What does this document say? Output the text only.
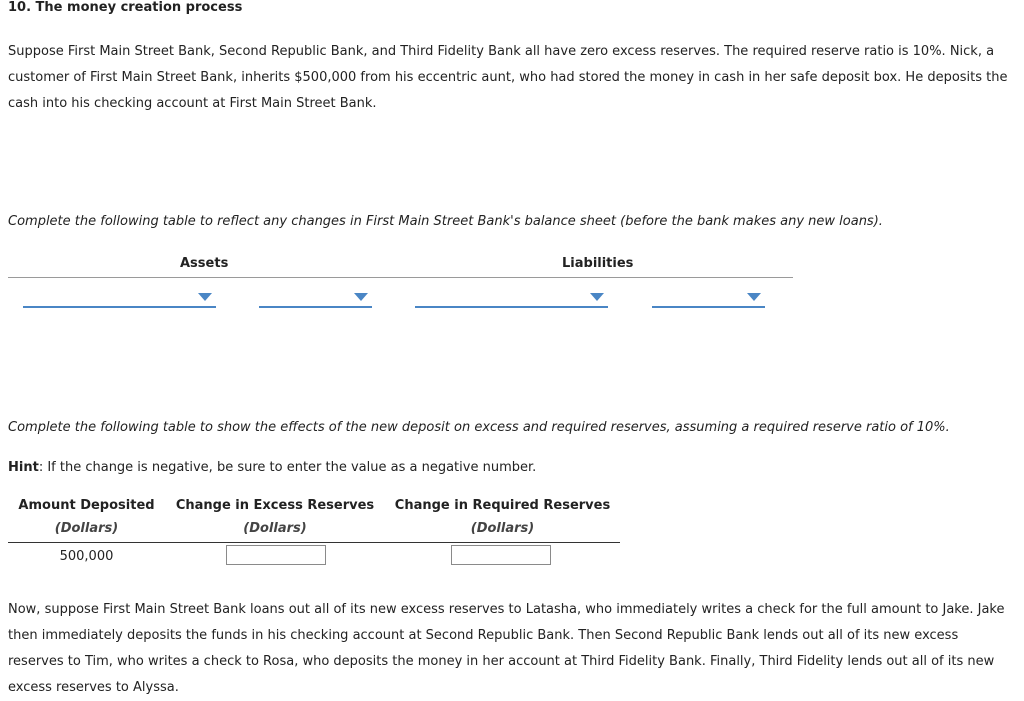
10. The money creation process
Suppose First Main Street Bank, Second Republic Bank, and Third Fidelity Bank all have zero excess reserves. The required reserve ratio is 10%. Nick, a customer of First Main Street Bank, inherits $500,000 from his eccentric aunt, who had stored the money in cash in her safe deposit box. He deposits the cash into his checking account at First Main Street Bank.
Complete the following table to reflect any changes in First Main Street Bank's balance sheet (before the bank makes any new loans).
Assets	Liabilities
Complete the following table to show the effects of the new deposit on excess and required reserves, assuming a required reserve ratio of 10%.
Hint: If the change is negative, be sure to enter the value as a negative number.
Amount Deposited	Change in Excess Reserves	Change in Required Reserves
(Dollars)	(Dollars)	(Dollars)
500,000
Now, suppose First Main Street Bank loans out all of its new excess reserves to Latasha, who immediately writes a check for the full amount to Jake. Jake then immediately deposits the funds in his checking account at Second Republic Bank. Then Second Republic Bank lends out all of its new excess reserves to Tim, who writes a check to Rosa, who deposits the money in her account at Third Fidelity Bank. Finally, Third Fidelity lends out all of its new excess reserves to Alyssa.
